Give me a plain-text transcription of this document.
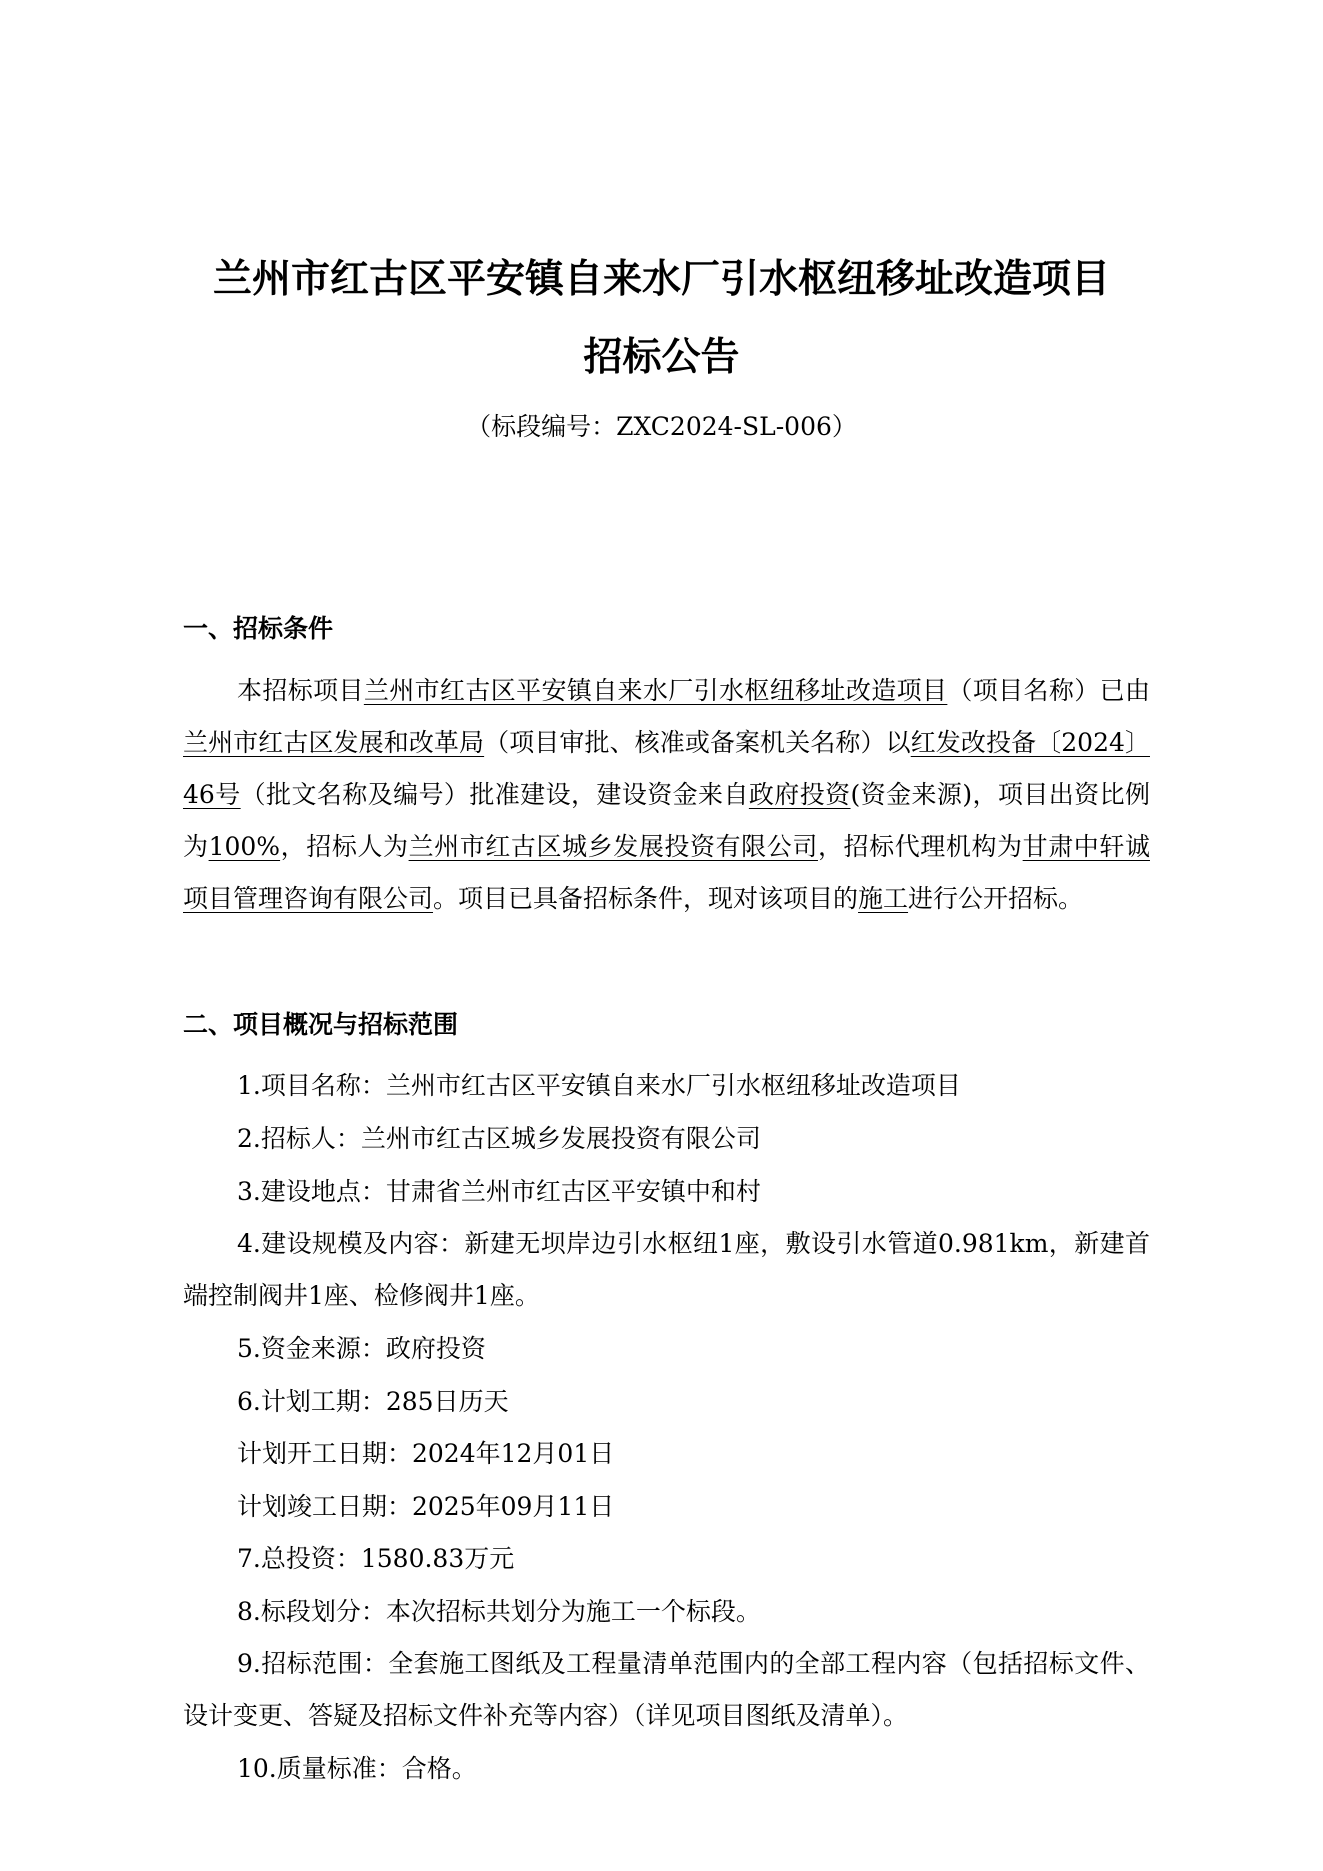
兰州市红古区平安镇自来水厂引水枢纽移址改造项目
招标公告
（标段编号：ZXC2024-SL-006）
一、招标条件
本招标项目兰州市红古区平安镇自来水厂引水枢纽移址改造项目（项目名称）已由兰州市红古区发展和改革局（项目审批、核准或备案机关名称）以红发改投备〔2024〕46号（批文名称及编号）批准建设，建设资金来自政府投资(资金来源)，项目出资比例为100%，招标人为兰州市红古区城乡发展投资有限公司，招标代理机构为甘肃中轩诚项目管理咨询有限公司。项目已具备招标条件，现对该项目的施工进行公开招标。
二、项目概况与招标范围
1.项目名称：兰州市红古区平安镇自来水厂引水枢纽移址改造项目
2.招标人：兰州市红古区城乡发展投资有限公司
3.建设地点：甘肃省兰州市红古区平安镇中和村
4.建设规模及内容：新建无坝岸边引水枢纽1座，敷设引水管道0.981km，新建首端控制阀井1座、检修阀井1座。
5.资金来源：政府投资
6.计划工期：285日历天
计划开工日期：2024年12月01日
计划竣工日期：2025年09月11日
7.总投资：1580.83万元
8.标段划分：本次招标共划分为施工一个标段。
9.招标范围：全套施工图纸及工程量清单范围内的全部工程内容（包括招标文件、设计变更、答疑及招标文件补充等内容）（详见项目图纸及清单）。
10.质量标准：合格。
